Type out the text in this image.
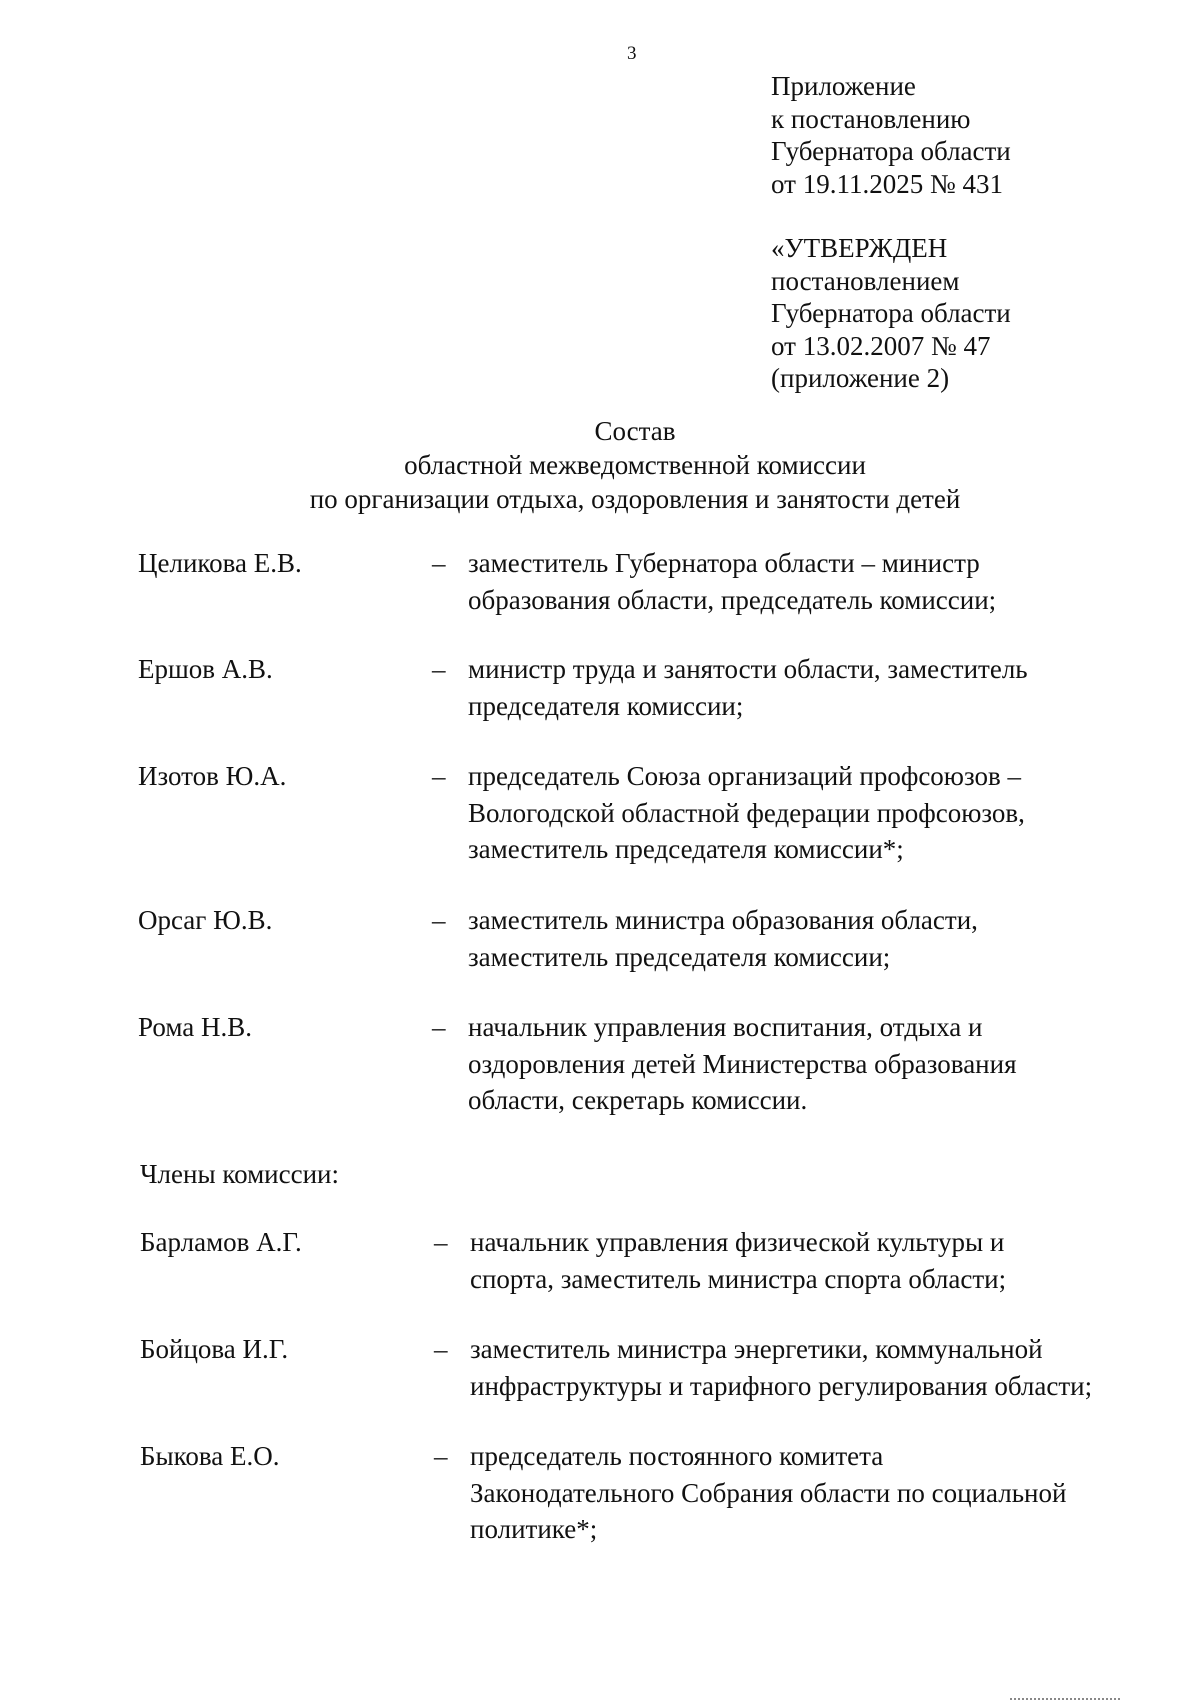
3
Приложение
к постановлению
Губернатора области
от 19.11.2025 № 431
«УТВЕРЖДЕН
постановлением
Губернатора области
от 13.02.2007 № 47
(приложение 2)
Состав
областной межведомственной комиссии
по организации отдыха, оздоровления и занятости детей
Целикова Е.В.	– заместитель Губернатора области – министр
образования области, председатель комиссии;
Ершов А.В.	– министр труда и занятости области, заместитель
председателя комиссии;
Изотов Ю.А.	– председатель Союза организаций профсоюзов –
Вологодской областной федерации профсоюзов,
заместитель председателя комиссии*;
Орсаг Ю.В.	– заместитель министра образования области,
заместитель председателя комиссии;
Рома Н.В.	– начальник управления воспитания, отдыха и
оздоровления детей Министерства образования
области, секретарь комиссии.
Члены комиссии:
Барламов А.Г.	– начальник управления физической культуры и
спорта, заместитель министра спорта области;
Бойцова И.Г.	– заместитель министра энергетики, коммунальной
инфраструктуры и тарифного регулирования области;
Быкова Е.О.	– председатель постоянного комитета
Законодательного Собрания области по социальной
политике*;
